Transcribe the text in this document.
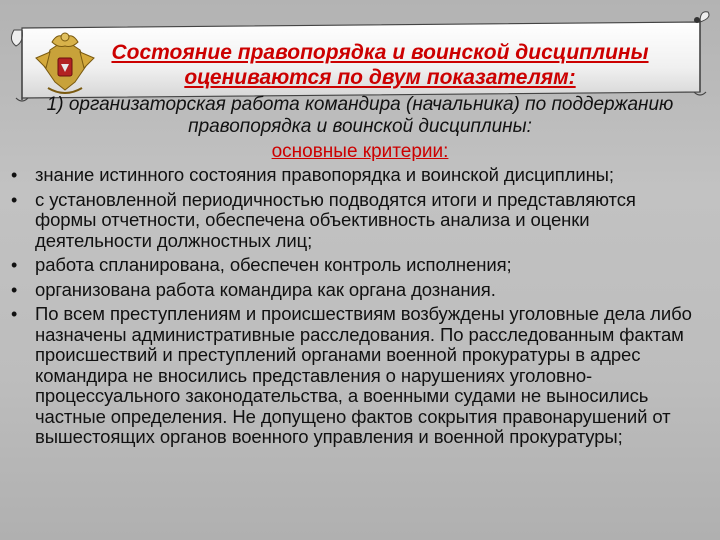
Состояние правопорядка и воинской дисциплины оцениваются по двум показателям:
1) организаторская работа командира (начальника) по поддержанию правопорядка и воинской дисциплины:
основные критерии:
• знание истинного состояния правопорядка и воинской дисциплины;
• с установленной периодичностью подводятся итоги и представляются формы отчетности, обеспечена объективность анализа и оценки деятельности должностных лиц;
• работа спланирована, обеспечен контроль исполнения;
• организована работа командира как органа дознания.
• По всем преступлениям и происшествиям возбуждены уголовные дела либо назначены административные расследования. По расследованным фактам происшествий и преступлений органами военной прокуратуры в адрес командира не вносились представления о нарушениях уголовно-процессуального законодательства, а военными судами не выносились частные определения. Не допущено фактов сокрытия правонарушений от вышестоящих органов военного управления и военной прокуратуры;
